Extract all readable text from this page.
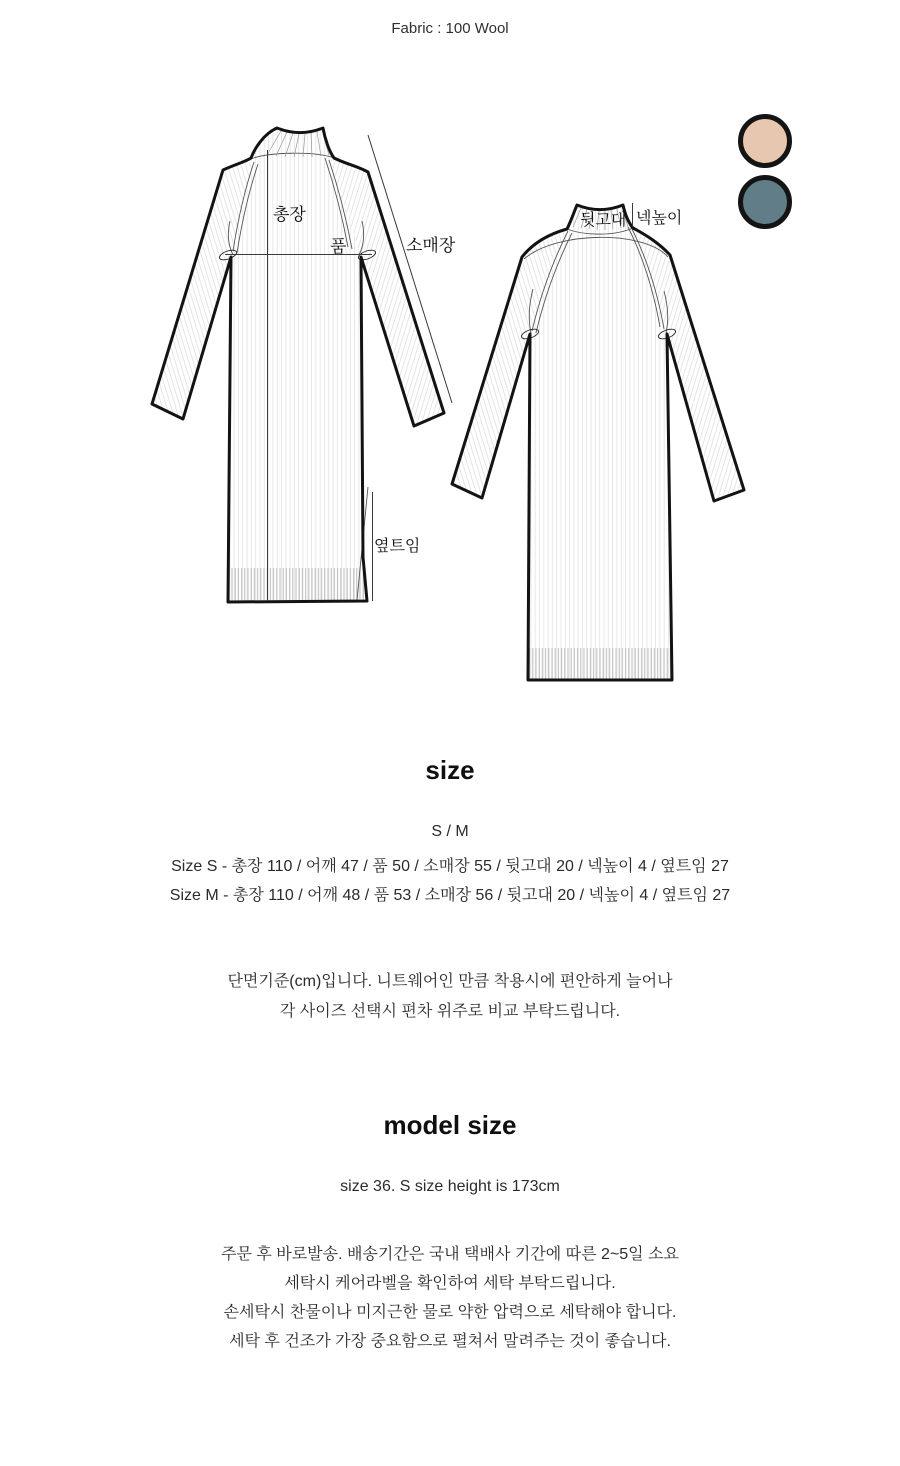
Fabric : 100 Wool
총장
품	소매장
옆트임
뒷고대 넥높이
size

S / M

Size S - 총장 110 / 어깨 47 / 품 50 / 소매장 55 / 뒷고대 20 / 넥높이 4 / 옆트임 27

Size M - 총장 110 / 어깨 48 / 품 53 / 소매장 56 / 뒷고대 20 / 넥높이 4 / 옆트임 27

단면기준(cm)입니다. 니트웨어인 만큼 착용시에 편안하게 늘어나

각 사이즈 선택시 편차 위주로 비교 부탁드립니다.

model size

size 36. S size height is 173cm

주문 후 바로발송. 배송기간은 국내 택배사 기간에 따른 2~5일 소요

세탁시 케어라벨을 확인하여 세탁 부탁드립니다.

손세탁시 찬물이나 미지근한 물로 약한 압력으로 세탁해야 합니다.

세탁 후 건조가 가장 중요함으로 펼쳐서 말려주는 것이 좋습니다.
